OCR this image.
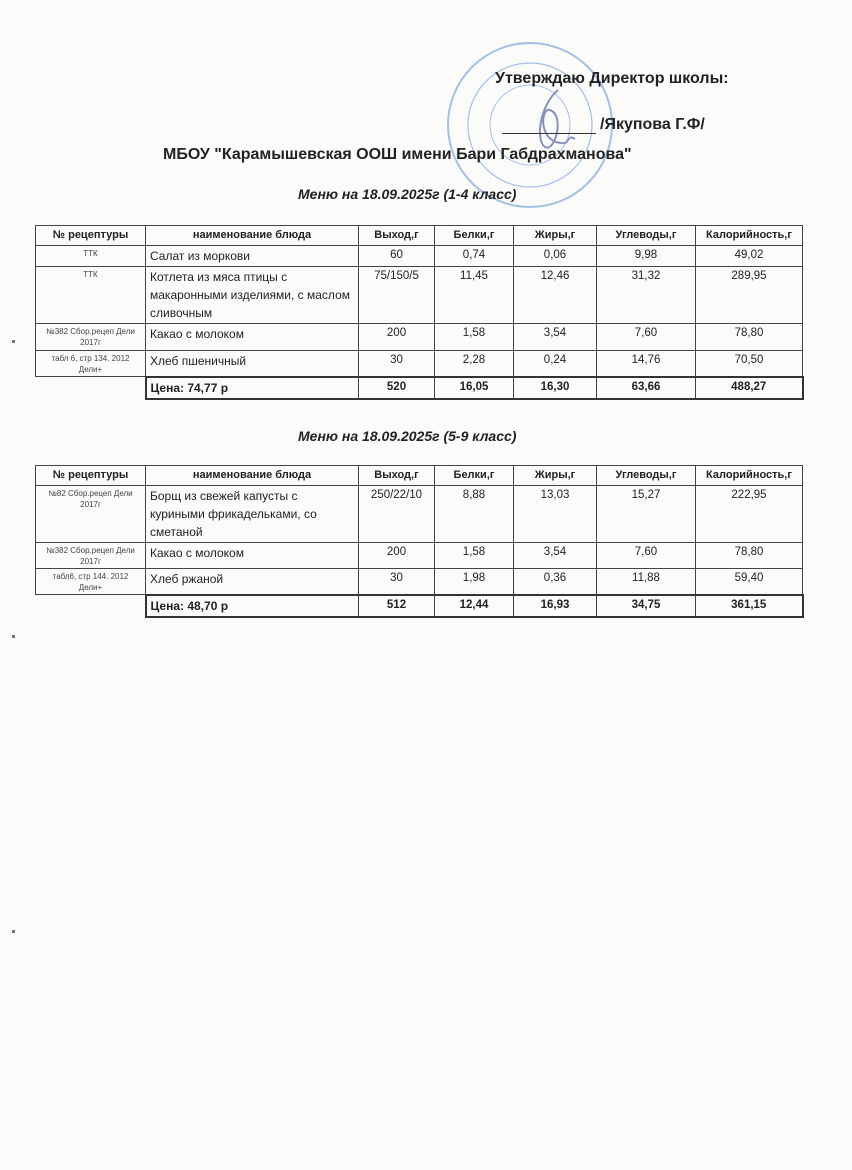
Утверждаю Директор школы:
/Якупова Г.Ф/
МБОУ "Карамышевская ООШ имени Бари Габдрахманова"
Меню на 18.09.2025г (1-4 класс)
№ рецептуры	наименование блюда	Выход,г	Белки,г	Жиры,г	Углеводы,г	Калорийность,г
ТТК	Салат из моркови	60	0,74	0,06	9,98	49,02
ТТК	Котлета из мяса птицы с макаронными изделиями, с маслом сливочным	75/150/5	11,45	12,46	31,32	289,95
№382 Сбор.рецеп Дели 2017г	Какао с молоком	200	1,58	3,54	7,60	78,80
табл 6, стр 134. 2012 Дели+	Хлеб пшеничный	30	2,28	0,24	14,76	70,50
	Цена: 74,77 р	520	16,05	16,30	63,66	488,27
Меню на 18.09.2025г (5-9 класс)
№ рецептуры	наименование блюда	Выход,г	Белки,г	Жиры,г	Углеводы,г	Калорийность,г
№82 Сбор.рецеп Дели 2017г	Борщ из свежей капусты с куриными фрикадельками, со сметаной	250/22/10	8,88	13,03	15,27	222,95
№382 Сбор.рецеп Дели 2017г	Какао с молоком	200	1,58	3,54	7,60	78,80
табл6, стр 144. 2012 Дели+	Хлеб ржаной	30	1,98	0,36	11,88	59,40
	Цена: 48,70 р	512	12,44	16,93	34,75	361,15
